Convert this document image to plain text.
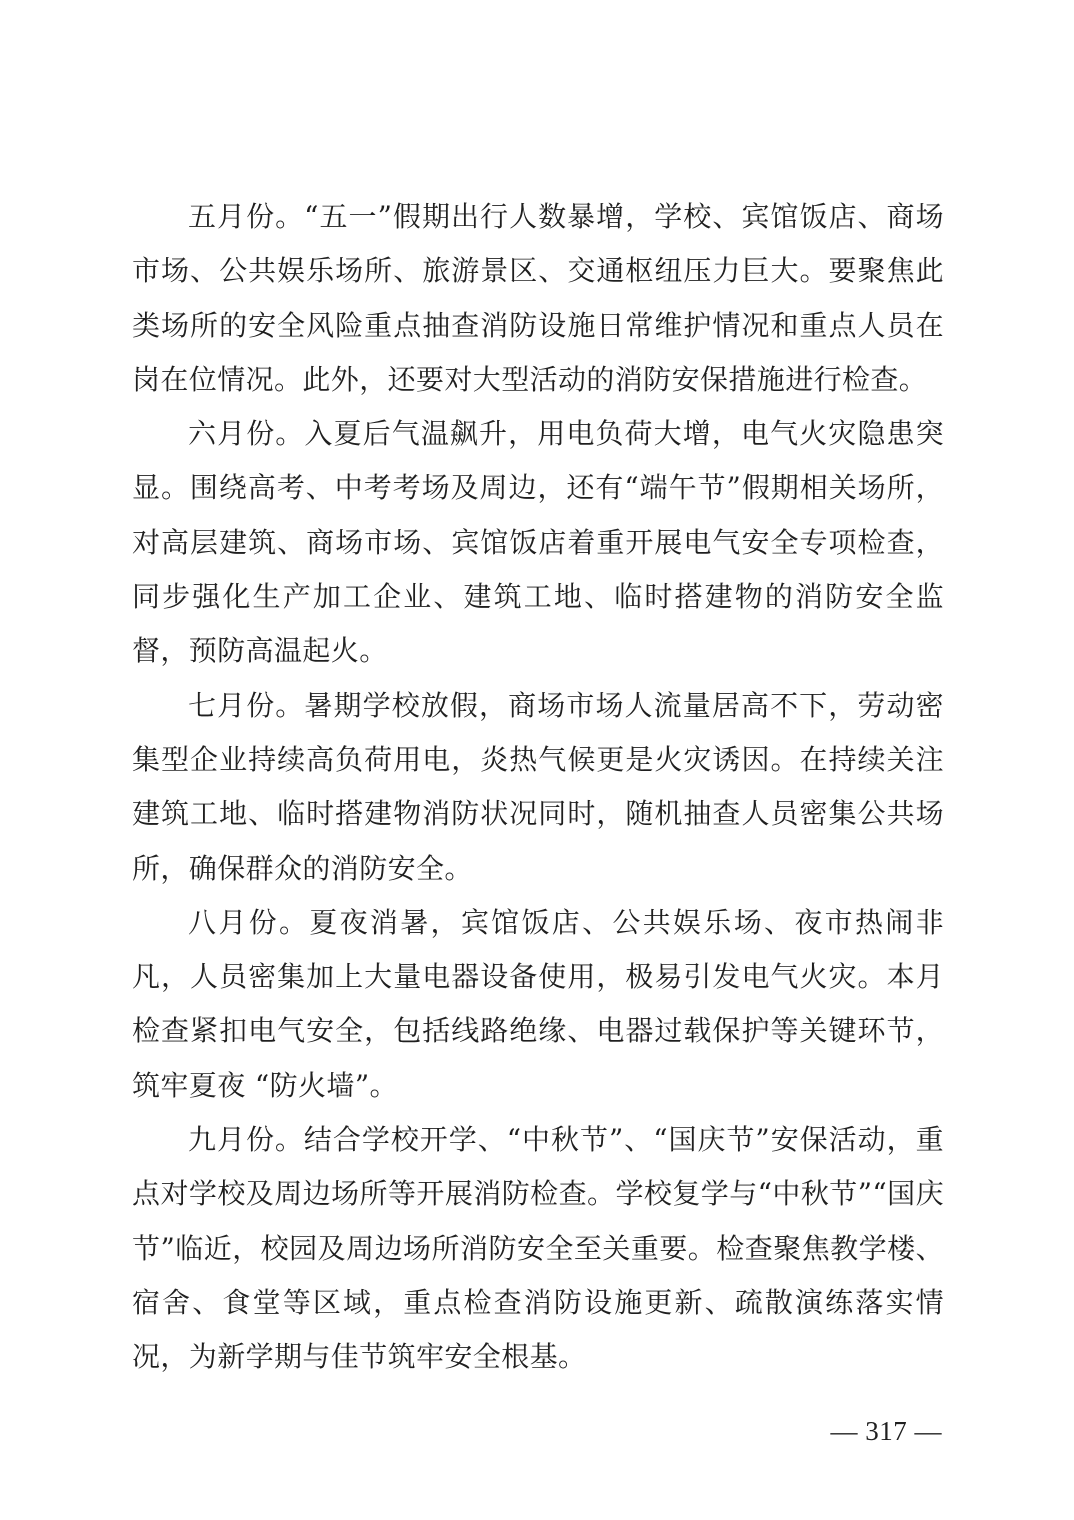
五月份。“五一”假期出行人数暴增，学校、宾馆饭店、商场市场、公共娱乐场所、旅游景区、交通枢纽压力巨大。要聚焦此类场所的安全风险重点抽查消防设施日常维护情况和重点人员在岗在位情况。此外，还要对大型活动的消防安保措施进行检查。

六月份。入夏后气温飙升，用电负荷大增，电气火灾隐患突显。围绕高考、中考考场及周边，还有“端午节”假期相关场所，对高层建筑、商场市场、宾馆饭店着重开展电气安全专项检查，同步强化生产加工企业、建筑工地、临时搭建物的消防安全监督，预防高温起火。

七月份。暑期学校放假，商场市场人流量居高不下，劳动密集型企业持续高负荷用电，炎热气候更是火灾诱因。在持续关注建筑工地、临时搭建物消防状况同时，随机抽查人员密集公共场所，确保群众的消防安全。

八月份。夏夜消暑，宾馆饭店、公共娱乐场、夜市热闹非凡，人员密集加上大量电器设备使用，极易引发电气火灾。本月检查紧扣电气安全，包括线路绝缘、电器过载保护等关键环节，筑牢夏夜 “防火墙”。

九月份。结合学校开学、“中秋节”、“国庆节”安保活动，重点对学校及周边场所等开展消防检查。学校复学与“中秋节”“国庆节”临近，校园及周边场所消防安全至关重要。检查聚焦教学楼、宿舍、食堂等区域，重点检查消防设施更新、疏散演练落实情况，为新学期与佳节筑牢安全根基。

— 317 —
